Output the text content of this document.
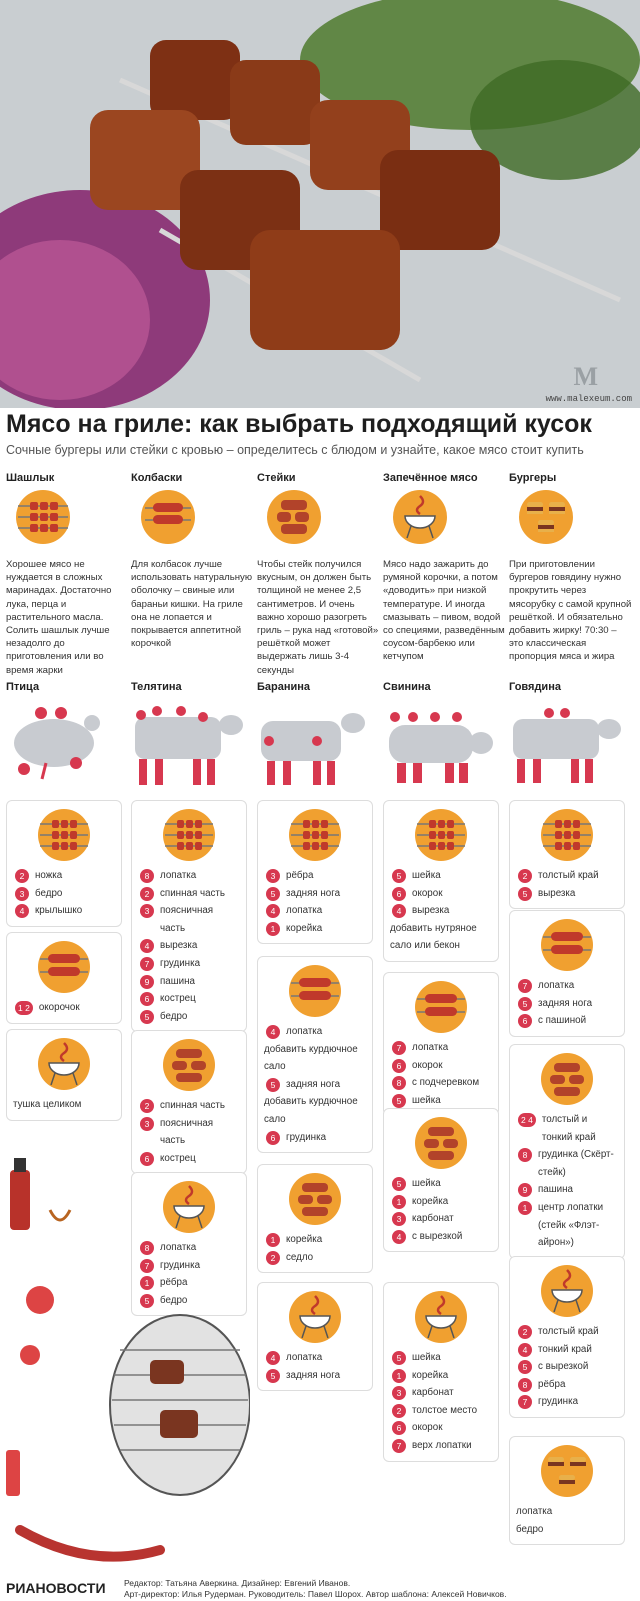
M
www.malexeum.com
Мясо на гриле: как выбрать подходящий кусок
Сочные бургеры или стейки с кровью – определитесь с блюдом и узнайте, какое мясо стоит купить
Шашлык

Хорошее мясо не нуждается в сложных маринадах. Достаточно лука, перца и растительного масла. Солить шашлык лучше незадолго до приготовления или во время жарки

Колбаски

Для колбасок лучше использовать натуральную оболочку – свиные или бараньи кишки. На гриле она не лопается и покрывается аппетитной корочкой

Стейки

Чтобы стейк получился вкусным, он должен быть толщиной не менее 2,5 сантиметров. И очень важно хорошо разогреть гриль – рука над «готовой» решёткой может выдержать лишь 3-4 секунды

Запечённое мясо

Мясо надо зажарить до румяной корочки, а потом «доводить» при низкой температуре. И иногда смазывать – пивом, водой со специями, разведённым соусом-барбекю или кетчупом

Бургеры

При приготовлении бургеров говядину нужно прокрутить через мясорубку с самой крупной решёткой. И обязательно добавить жирку! 70:30 – это классическая пропорция мяса и жира

Птица	Телятина	Баранина	Свинина	Говядина
2	ножка
3	бедро
4	крылышко
1 2 окорочок
тушка целиком
8	лопатка
2	спинная часть
3	поясничная часть
4	вырезка
7	грудинка
9	пашина
6	кострец
5	бедро
2	спинная часть
3	поясничная часть
6	кострец
8	лопатка
7	грудинка
1	рёбра
5	бедро
3	рёбра
5	задняя нога
4	лопатка
1	корейка
4	лопатка
добавить курдючное сало
5	задняя нога
добавить курдючное сало
6	грудинка
1	корейка
2	седло
4	лопатка
5	задняя нога
5	шейка
6	окорок
4	вырезка
добавить нутряное сало или бекон
7	лопатка
6	окорок
8	с подчеревком
5	шейка
5	шейка
1	корейка
3	карбонат
4	с вырезкой
5	шейка
1	корейка
3	карбонат
2	толстое место
6	окорок
7	верх лопатки
2	толстый край
5	вырезка
7	лопатка
5	задняя нога
6	с пашиной
2 4 толстый и тонкий край
8	грудинка (Скёрт-стейк)
9	пашина
1	центр лопатки (стейк «Флэт-айрон»)
2	толстый край
4	тонкий край
5	с вырезкой
8	рёбра
7	грудинка
лопатка
бедро
РИАНОВОСТИ Редактор: Татьяна Аверкина. Дизайнер: Евгений Иванов.
Арт-директор: Илья Рудерман. Руководитель: Павел Шорох. Автор шаблона: Алексей Новичков.
